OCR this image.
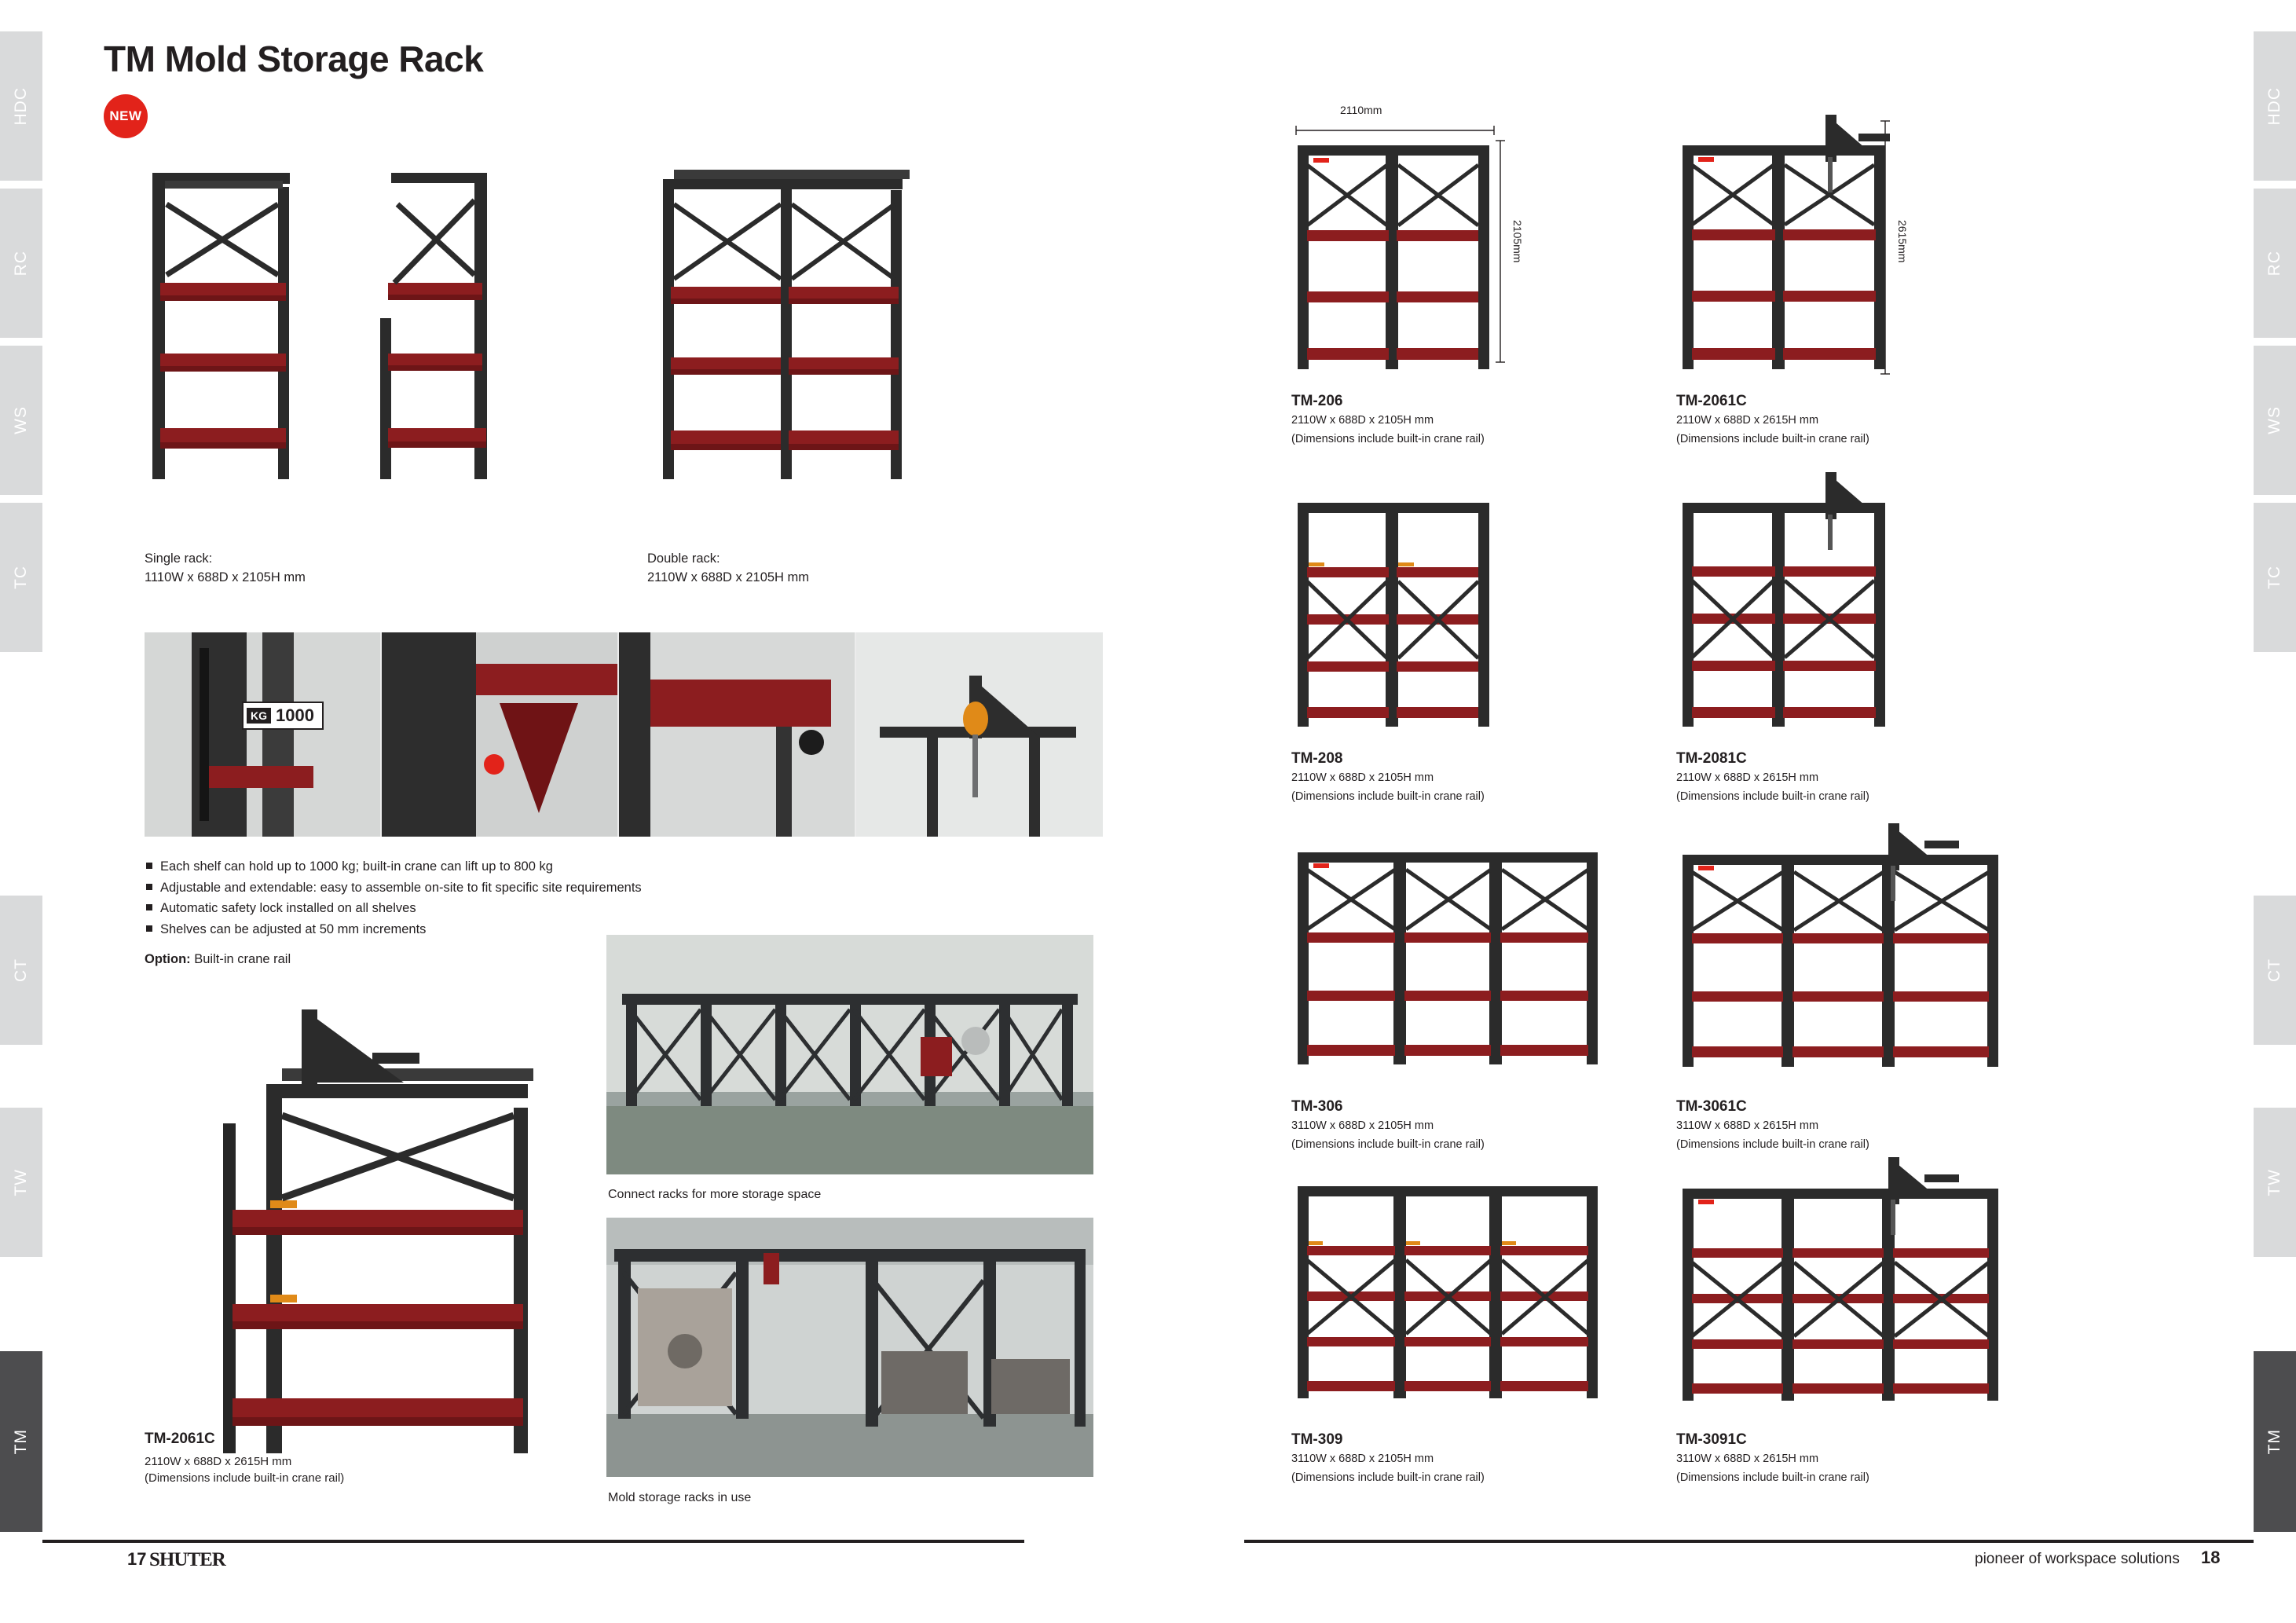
HDC
RC
WS
TC
CT
TW
TM
HDC
RC
WS
TC
CT
TW
TM
TM Mold Storage Rack
NEW
Single rack:
1110W x 688D x 2105H mm
Double rack:
2110W x 688D x 2105H mm
KG 1000
Each shelf can hold up to 1000 kg; built-in crane can lift up to 800 kg
Adjustable and extendable: easy to assemble on-site to fit specific site requirements
Automatic safety lock installed on all shelves
Shelves can be adjusted at 50 mm increments
Option: Built-in crane rail
TM-2061C
2110W x 688D x 2615H mm
(Dimensions include built-in crane rail)
Connect racks for more storage space
Mold storage racks in use
17 SHUTER
2110mm
2105mm	2615mm
TM-206
2110W x 688D x 2105H mm
(Dimensions include built-in crane rail)
TM-2061C
2110W x 688D x 2615H mm
(Dimensions include built-in crane rail)
TM-208
2110W x 688D x 2105H mm
(Dimensions include built-in crane rail)
TM-2081C
2110W x 688D x 2615H mm
(Dimensions include built-in crane rail)
TM-306
3110W x 688D x 2105H mm
(Dimensions include built-in crane rail)
TM-3061C
3110W x 688D x 2615H mm
(Dimensions include built-in crane rail)
TM-309
3110W x 688D x 2105H mm
(Dimensions include built-in crane rail)
TM-3091C
3110W x 688D x 2615H mm
(Dimensions include built-in crane rail)
pioneer of workspace solutions 18
